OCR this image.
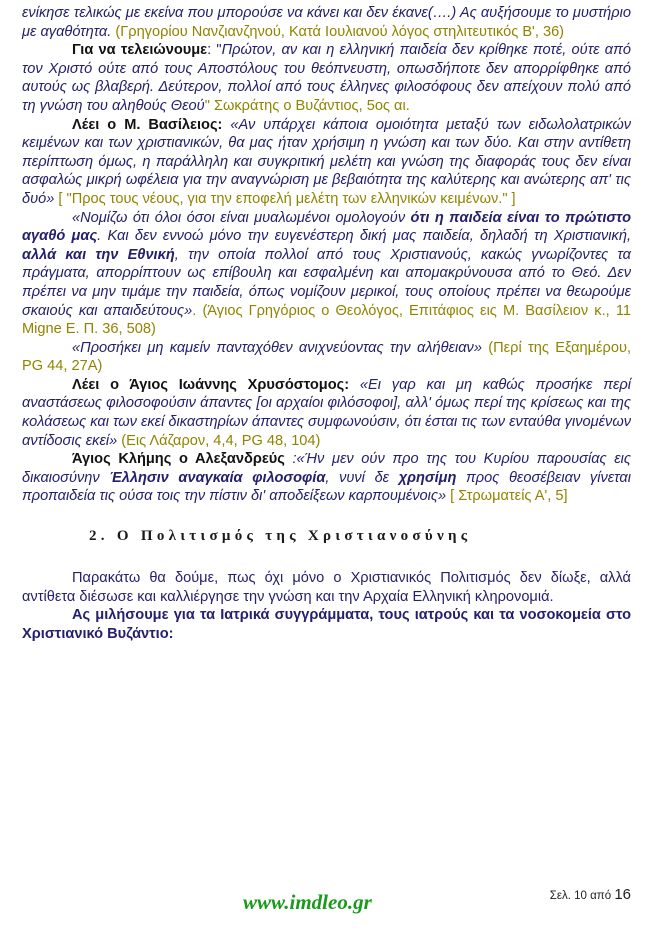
ενίκησε τελικώς με εκείνα που μπορούσε να κάνει και δεν έκανε(….) Ας αυξήσουμε το μυστήριο με αγαθότητα. (Γρηγορίου Νανζιανζηνού, Κατά Ιουλιανού λόγος στηλιτευτικός Β', 36)

Για να τελειώνουμε: "Πρώτον, αν και η ελληνική παιδεία δεν κρίθηκε ποτέ, ούτε από τον Χριστό ούτε από τους Αποστόλους του θεόπνευστη, οπωσδήποτε δεν απορρίφθηκε από αυτούς ως βλαβερή. Δεύτερον, πολλοί από τους έλληνες φιλοσόφους δεν απείχουν πολύ από τη γνώση του αληθούς Θεού" Σωκράτης ο Βυζάντιος, 5ος αι.

Λέει ο Μ. Βασίλειος: «Αν υπάρχει κάποια ομοιότητα μεταξύ των ειδωλολατρικών κειμένων και των χριστιανικών, θα μας ήταν χρήσιμη η γνώση και των δύο. Και στην αντίθετη περίπτωση όμως, η παράλληλη και συγκριτική μελέτη και γνώση της διαφοράς τους δεν είναι ασφαλώς μικρή ωφέλεια για την αναγνώριση με βεβαιότητα της καλύτερης και ανώτερης απ' τις δυό» [ "Προς τους νέους, για την εποφελή μελέτη των ελληνικών κειμένων." ]

«Νομίζω ότι όλοι όσοι είναι μυαλωμένοι ομολογούν ότι η παιδεία είναι το πρώτιστο αγαθό μας. Και δεν εννοώ μόνο την ευγενέστερη δική μας παιδεία, δηλαδή τη Χριστιανική, αλλά και την Εθνική, την οποία πολλοί από τους Χριστιανούς, κακώς γνωρίζοντες τα πράγματα, απορρίπτουν ως επίβουλη και εσφαλμένη και απομακρύνουσα από το Θεό. Δεν πρέπει να μην τιμάμε την παιδεία, όπως νομίζουν μερικοί, τους οποίους πρέπει να θεωρούμε σκαιούς και απαιδεύτους». (Άγιος Γρηγόριος ο Θεολόγος, Επιτάφιος εις Μ. Βασίλειον κ., 11 Migne E. Π. 36, 508)

«Προσήκει μη καμείν πανταχόθεν ανιχνεύοντας την αλήθειαν» (Περί της Εξαημέρου, PG 44, 27A)

Λέει ο Άγιος Ιωάννης Χρυσόστομος: «Ει γαρ και μη καθώς προσήκε περί αναστάσεως φιλοσοφούσιν άπαντες [οι αρχαίοι φιλόσοφοι], αλλ' όμως περί της κρίσεως και της κολάσεως και των εκεί δικαστηρίων άπαντες συμφωνούσιν, ότι έσται τις των ενταύθα γινομένων αντίδοσις εκεί» (Εις Λάζαρον, 4,4, PG 48, 104)

Άγιος Κλήμης ο Αλεξανδρεύς :«Ήν μεν ούν προ της του Κυρίου παρουσίας εις δικαιοσύνην Έλλησιν αναγκαία φιλοσοφία, νυνί δε χρησίμη προς θεοσέβειαν γίνεται προπαιδεία τις ούσα τοις την πίστιν δι' αποδείξεων καρπουμένοις» [ Στρωματείς Α', 5]

2. Ο Πολιτισμός της Χριστιανοσύνης

Παρακάτω θα δούμε, πως όχι μόνο ο Χριστιανικός Πολιτισμός δεν δίωξε, αλλά αντίθετα διέσωσε και καλλιέργησε την γνώση και την Αρχαία Ελληνική κληρονομιά.

Ας μιλήσουμε για τα Ιατρικά συγγράμματα, τους ιατρούς και τα νοσοκομεία στο Χριστιανικό Βυζάντιο:

www.imdleo.gr	Σελ. 10 από 16
